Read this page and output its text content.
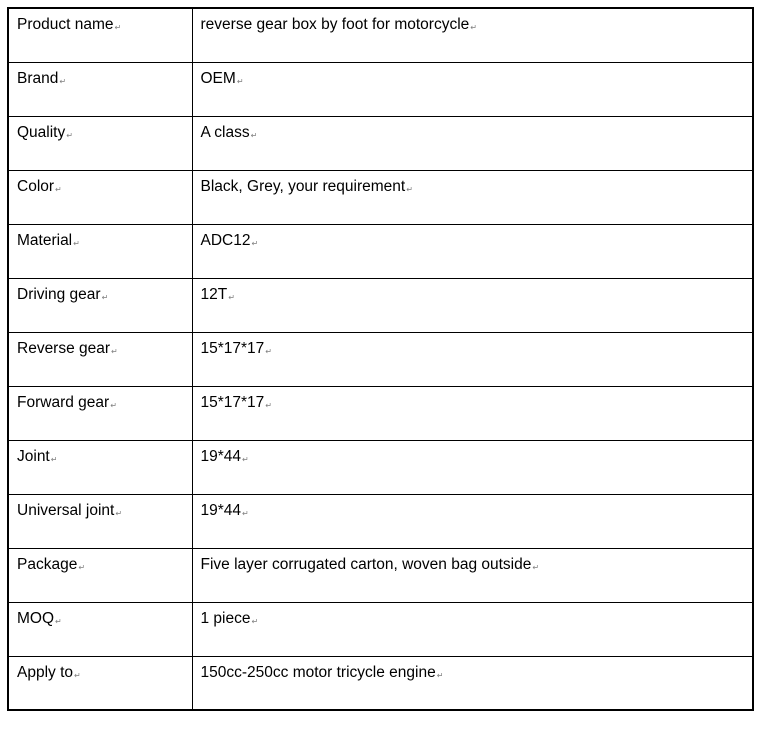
Product name↵	reverse gear box by foot for motorcycle↵
Brand↵	OEM↵
Quality↵	A class↵
Color↵	Black, Grey, your requirement↵
Material↵	ADC12↵
Driving gear↵	12T↵
Reverse gear↵	15*17*17↵
Forward gear↵	15*17*17↵
Joint↵	19*44↵
Universal joint↵	19*44↵
Package↵	Five layer corrugated carton, woven bag outside↵
MOQ↵	1 piece↵
Apply to↵	150cc-250cc motor tricycle engine↵
